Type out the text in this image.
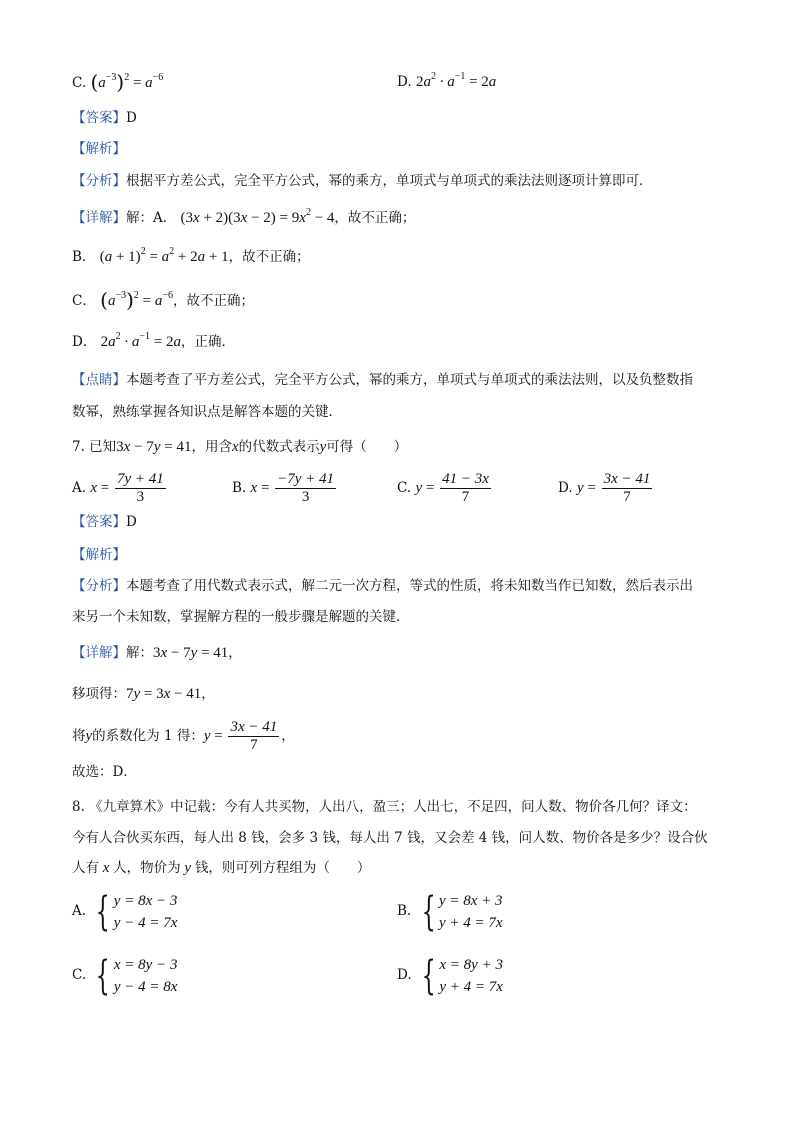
C. $(a^{-3})^2 = a^{-6}$	D. $2a^2 \cdot a^{-1} = 2a$
【答案】D
【解析】
【分析】根据平方差公式，完全平方公式，幂的乘方，单项式与单项式的乘法法则逐项计算即可．
【详解】解：A． $(3x + 2)(3x - 2) = 9x^2 - 4$，故不正确；
B． $(a + 1)^2 = a^2 + 2a + 1$，故不正确；
C． $(a^{-3})^2 = a^{-6}$，故不正确；
D． $2a^2 \cdot a^{-1} = 2a$，正确．
【点睛】本题考查了平方差公式，完全平方公式，幂的乘方，单项式与单项式的乘法法则，以及负整数指
数幂，熟练掌握各知识点是解答本题的关键．
7. 已知3x − 7y = 41，用含x的代数式表示y可得（　　）
A. $x = \frac{7y + 41}{3}$	B. $x = \frac{-7y + 41}{3}$	C. $y = \frac{41 - 3x}{7}$	D. $y = \frac{3x - 41}{7}$
【答案】D
【解析】
【分析】本题考查了用代数式表示式，解二元一次方程，等式的性质，将未知数当作已知数，然后表示出
来另一个未知数，掌握解方程的一般步骤是解题的关键．
【详解】解：3x − 7y = 41，
移项得：7y = 3x − 41，
将y的系数化为 1 得：$y = \frac{3x - 41}{7}$ ，
故选：D．
8. 《九章算术》中记载：今有人共买物，人出八，盈三；人出七，不足四，问人数、物价各几何？译文：
今有人合伙买东西，每人出 8 钱，会多 3 钱，每人出 7 钱，又会差 4 钱，问人数、物价各是多少？设合伙
人有 x 人，物价为 y 钱，则可列方程组为（　　）
A. { y = 8x − 3
y − 4 = 7x
B. { y = 8x + 3
y + 4 = 7x
C. { x = 8y − 3
y − 4 = 8x
D. { x = 8y + 3
y + 4 = 7x
